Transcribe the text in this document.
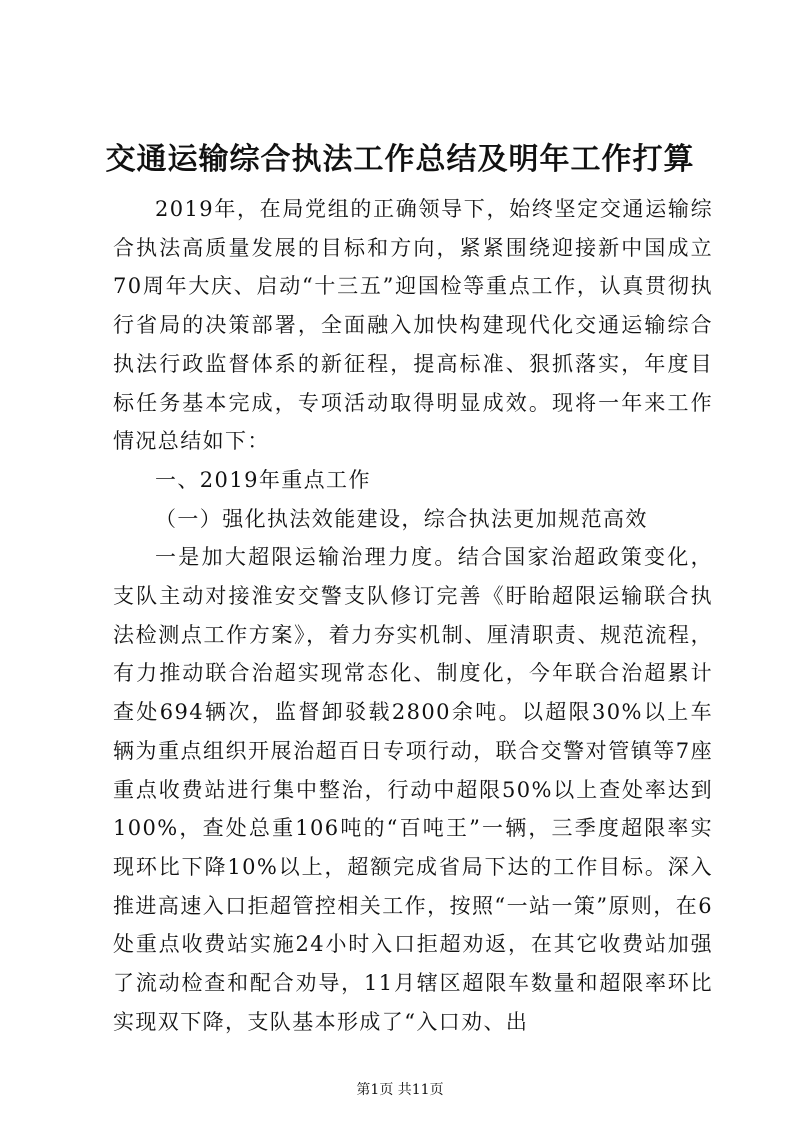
交通运输综合执法工作总结及明年工作打算

2019年，在局党组的正确领导下，始终坚定交通运输综合执法高质量发展的目标和方向，紧紧围绕迎接新中国成立70周年大庆、启动“十三五”迎国检等重点工作，认真贯彻执行省局的决策部署，全面融入加快构建现代化交通运输综合执法行政监督体系的新征程，提高标准、狠抓落实，年度目标任务基本完成，专项活动取得明显成效。现将一年来工作情况总结如下：

一、2019年重点工作

（一）强化执法效能建设，综合执法更加规范高效

一是加大超限运输治理力度。结合国家治超政策变化，支队主动对接淮安交警支队修订完善《盱眙超限运输联合执法检测点工作方案》，着力夯实机制、厘清职责、规范流程，有力推动联合治超实现常态化、制度化，今年联合治超累计查处694辆次，监督卸驳载2800余吨。以超限30%以上车辆为重点组织开展治超百日专项行动，联合交警对管镇等7座重点收费站进行集中整治，行动中超限50%以上查处率达到100%，查处总重106吨的“百吨王”一辆，三季度超限率实现环比下降10%以上，超额完成省局下达的工作目标。深入推进高速入口拒超管控相关工作，按照“一站一策”原则，在6处重点收费站实施24小时入口拒超劝返，在其它收费站加强了流动检查和配合劝导，11月辖区超限车数量和超限率环比实现双下降，支队基本形成了“入口劝、出

第1页 共11页
